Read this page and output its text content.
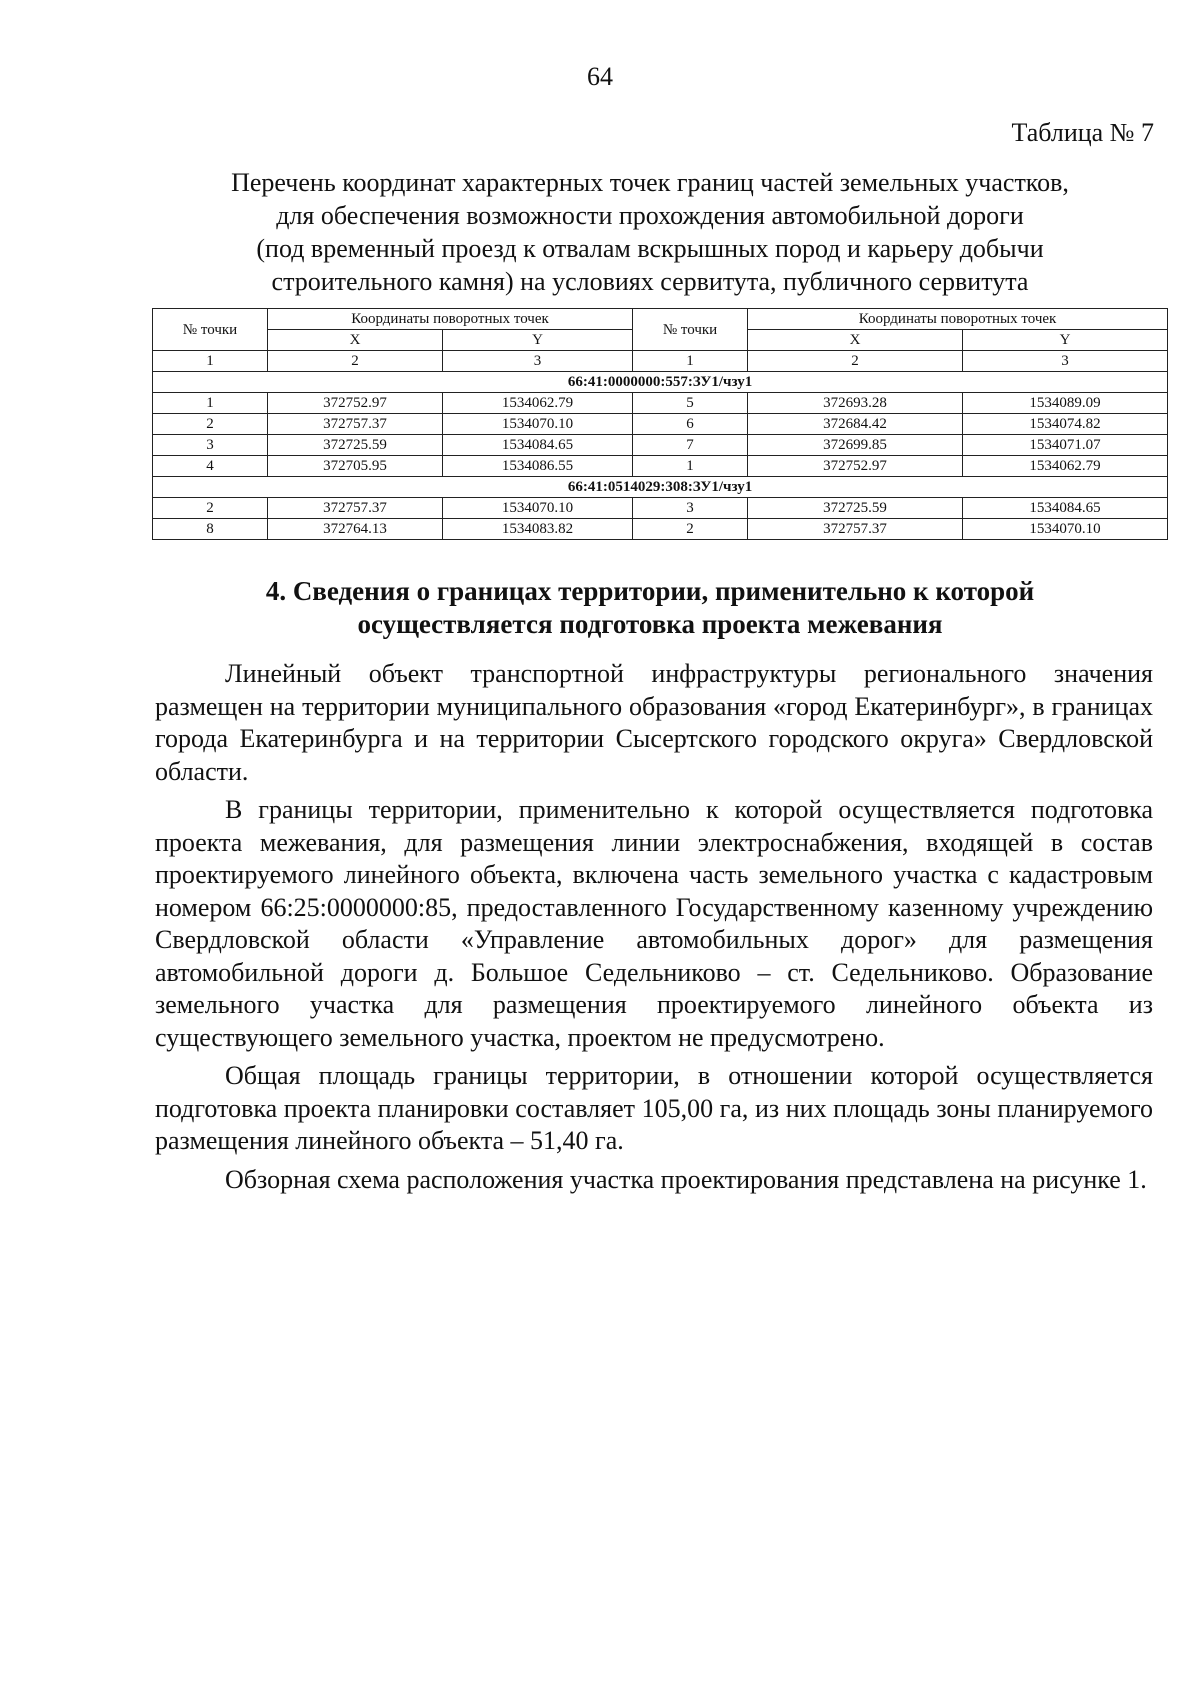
64
Таблица № 7
Перечень координат характерных точек границ частей земельных участков,
для обеспечения возможности прохождения автомобильной дороги
(под временный проезд к отвалам вскрышных пород и карьеру добычи
строительного камня) на условиях сервитута, публичного сервитута
№ точки	Координаты поворотных точек		№ точки	Координаты поворотных точек	
	X	Y		X	Y
1	2	3	1	2	3
66:41:0000000:557:ЗУ1/чзу1					
1	372752.97	1534062.79	5	372693.28	1534089.09
2	372757.37	1534070.10	6	372684.42	1534074.82
3	372725.59	1534084.65	7	372699.85	1534071.07
4	372705.95	1534086.55	1	372752.97	1534062.79
66:41:0514029:308:ЗУ1/чзу1					
2	372757.37	1534070.10	3	372725.59	1534084.65
8	372764.13	1534083.82	2	372757.37	1534070.10
4. Сведения о границах территории, применительно к которой
осуществляется подготовка проекта межевания

Линейный объект транспортной инфраструктуры регионального значения размещен на территории муниципального образования «город Екатеринбург», в границах города Екатеринбурга и на территории Сысертского городского округа» Свердловской области.

В границы территории, применительно к которой осуществляется подготовка проекта межевания, для размещения линии электроснабжения, входящей в состав проектируемого линейного объекта, включена часть земельного участка с кадастровым номером 66:25:0000000:85, предоставленного Государственному казенному учреждению Свердловской области «Управление автомобильных дорог» для размещения автомобильной дороги д. Большое Седельниково – ст. Седельниково. Образование земельного участка для размещения проектируемого линейного объекта из существующего земельного участка, проектом не предусмотрено.

Общая площадь границы территории, в отношении которой осуществляется подготовка проекта планировки составляет 105,00 га, из них площадь зоны планируемого размещения линейного объекта – 51,40 га.

Обзорная схема расположения участка проектирования представлена на рисунке 1.
